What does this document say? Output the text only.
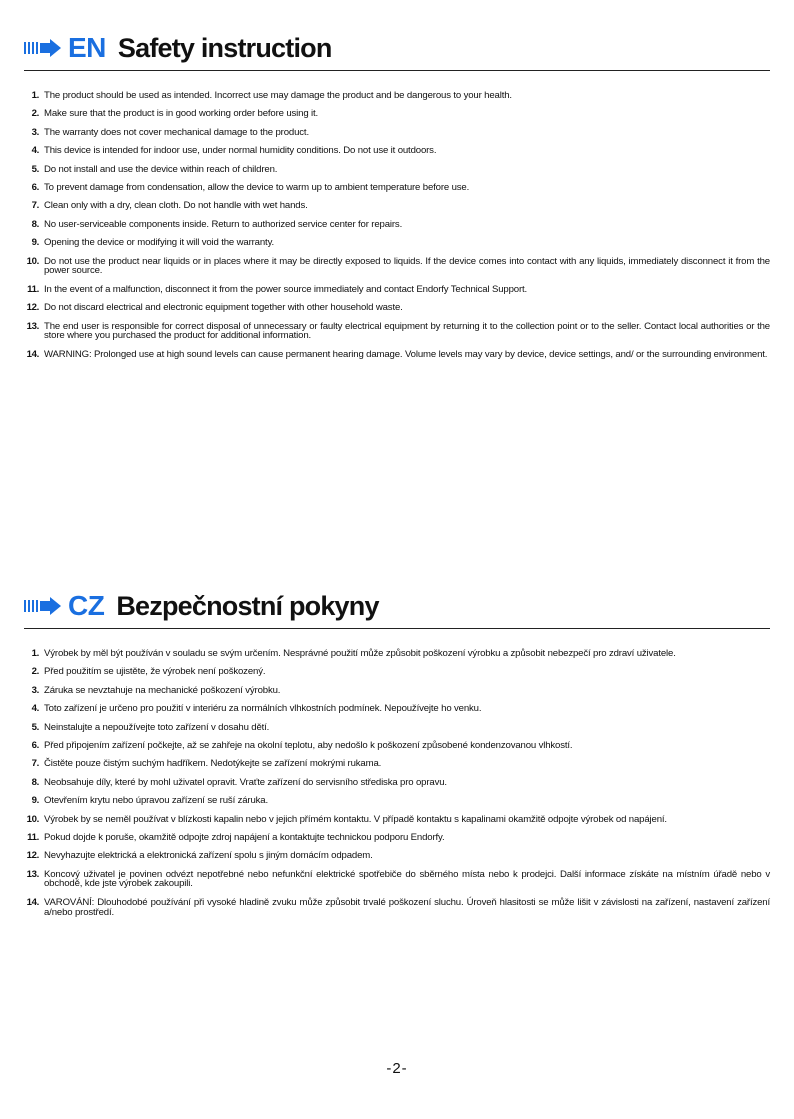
EN Safety instruction
1. The product should be used as intended. Incorrect use may damage the product and be dangerous to your health.
2. Make sure that the product is in good working order before using it.
3. The warranty does not cover mechanical damage to the product.
4. This device is intended for indoor use, under normal humidity conditions. Do not use it outdoors.
5. Do not install and use the device within reach of children.
6. To prevent damage from condensation, allow the device to warm up to ambient temperature before use.
7. Clean only with a dry, clean cloth. Do not handle with wet hands.
8. No user-serviceable components inside. Return to authorized service center for repairs.
9. Opening the device or modifying it will void the warranty.
10. Do not use the product near liquids or in places where it may be directly exposed to liquids. If the device comes into contact with any liquids, immediately disconnect it from the power source.
11. In the event of a malfunction, disconnect it from the power source immediately and contact Endorfy Technical Support.
12. Do not discard electrical and electronic equipment together with other household waste.
13. The end user is responsible for correct disposal of unnecessary or faulty electrical equipment by returning it to the collection point or to the seller. Contact local authorities or the store where you purchased the product for additional information.
14. WARNING: Prolonged use at high sound levels can cause permanent hearing damage. Volume levels may vary by device, device settings, and/ or the surrounding environment.
CZ Bezpečnostní pokyny
1. Výrobek by měl být používán v souladu se svým určením. Nesprávné použití může způsobit poškození výrobku a způsobit nebezpečí pro zdraví uživatele.
2. Před použitím se ujistěte, že výrobek není poškozený.
3. Záruka se nevztahuje na mechanické poškození výrobku.
4. Toto zařízení je určeno pro použití v interiéru za normálních vlhkostních podmínek. Nepoužívejte ho venku.
5. Neinstalujte a nepoužívejte toto zařízení v dosahu dětí.
6. Před připojením zařízení počkejte, až se zahřeje na okolní teplotu, aby nedošlo k poškození způsobené kondenzovanou vlhkostí.
7. Čistěte pouze čistým suchým hadříkem. Nedotýkejte se zařízení mokrými rukama.
8. Neobsahuje díly, které by mohl uživatel opravit. Vraťte zařízení do servisního střediska pro opravu.
9. Otevřením krytu nebo úpravou zařízení se ruší záruka.
10. Výrobek by se neměl používat v blízkosti kapalin nebo v jejich přímém kontaktu. V případě kontaktu s kapalinami okamžitě odpojte výrobek od napájení.
11. Pokud dojde k poruše, okamžitě odpojte zdroj napájení a kontaktujte technickou podporu Endorfy.
12. Nevyhazujte elektrická a elektronická zařízení spolu s jiným domácím odpadem.
13. Koncový uživatel je povinen odvézt nepotřebné nebo nefunkční elektrické spotřebiče do sběrného místa nebo k prodejci. Další informace získáte na místním úřadě nebo v obchodě, kde jste výrobek zakoupili.
14. VAROVÁNÍ: Dlouhodobé používání při vysoké hladině zvuku může způsobit trvalé poškození sluchu. Úroveň hlasitosti se může lišit v závislosti na zařízení, nastavení zařízení a/nebo prostředí.
-2-
